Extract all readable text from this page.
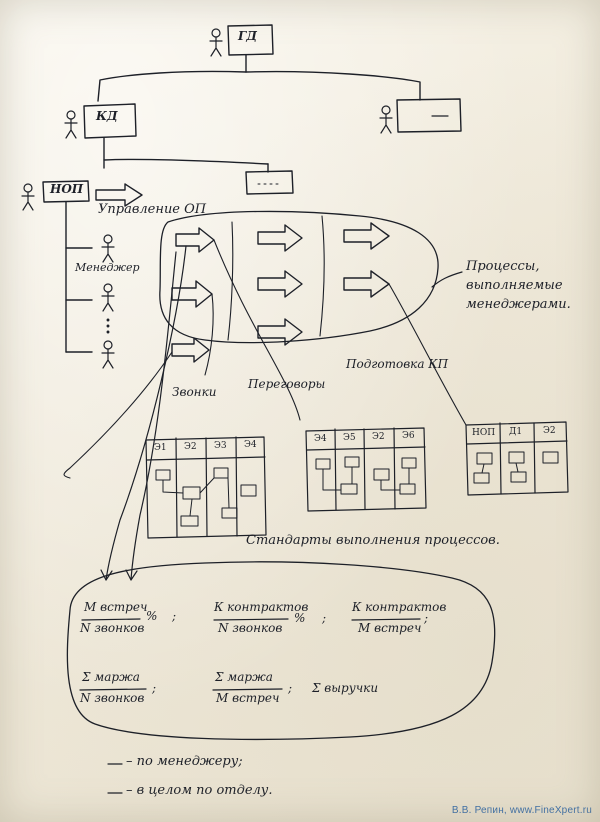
ГД
КД
НОП
Менеджер
Управление ОП
Процессы,
выполняемые
менеджерами.
Звонки
Переговоры
Подготовка КП
Э1 Э2 Э3 Э4
Э4 Э5 Э2 Э6	НОП Д1 Э2
Стандарты выполнения процессов.
М встреч
N звонков
% ;
К контрактов
N звонков
% ;
К контрактов
М встреч
;
Σ маржа
N звонков
;
Σ маржа
М встреч
; Σ выручки
– по менеджеру;
– в целом по отделу.
В.В. Репин, www.FineXpert.ru
